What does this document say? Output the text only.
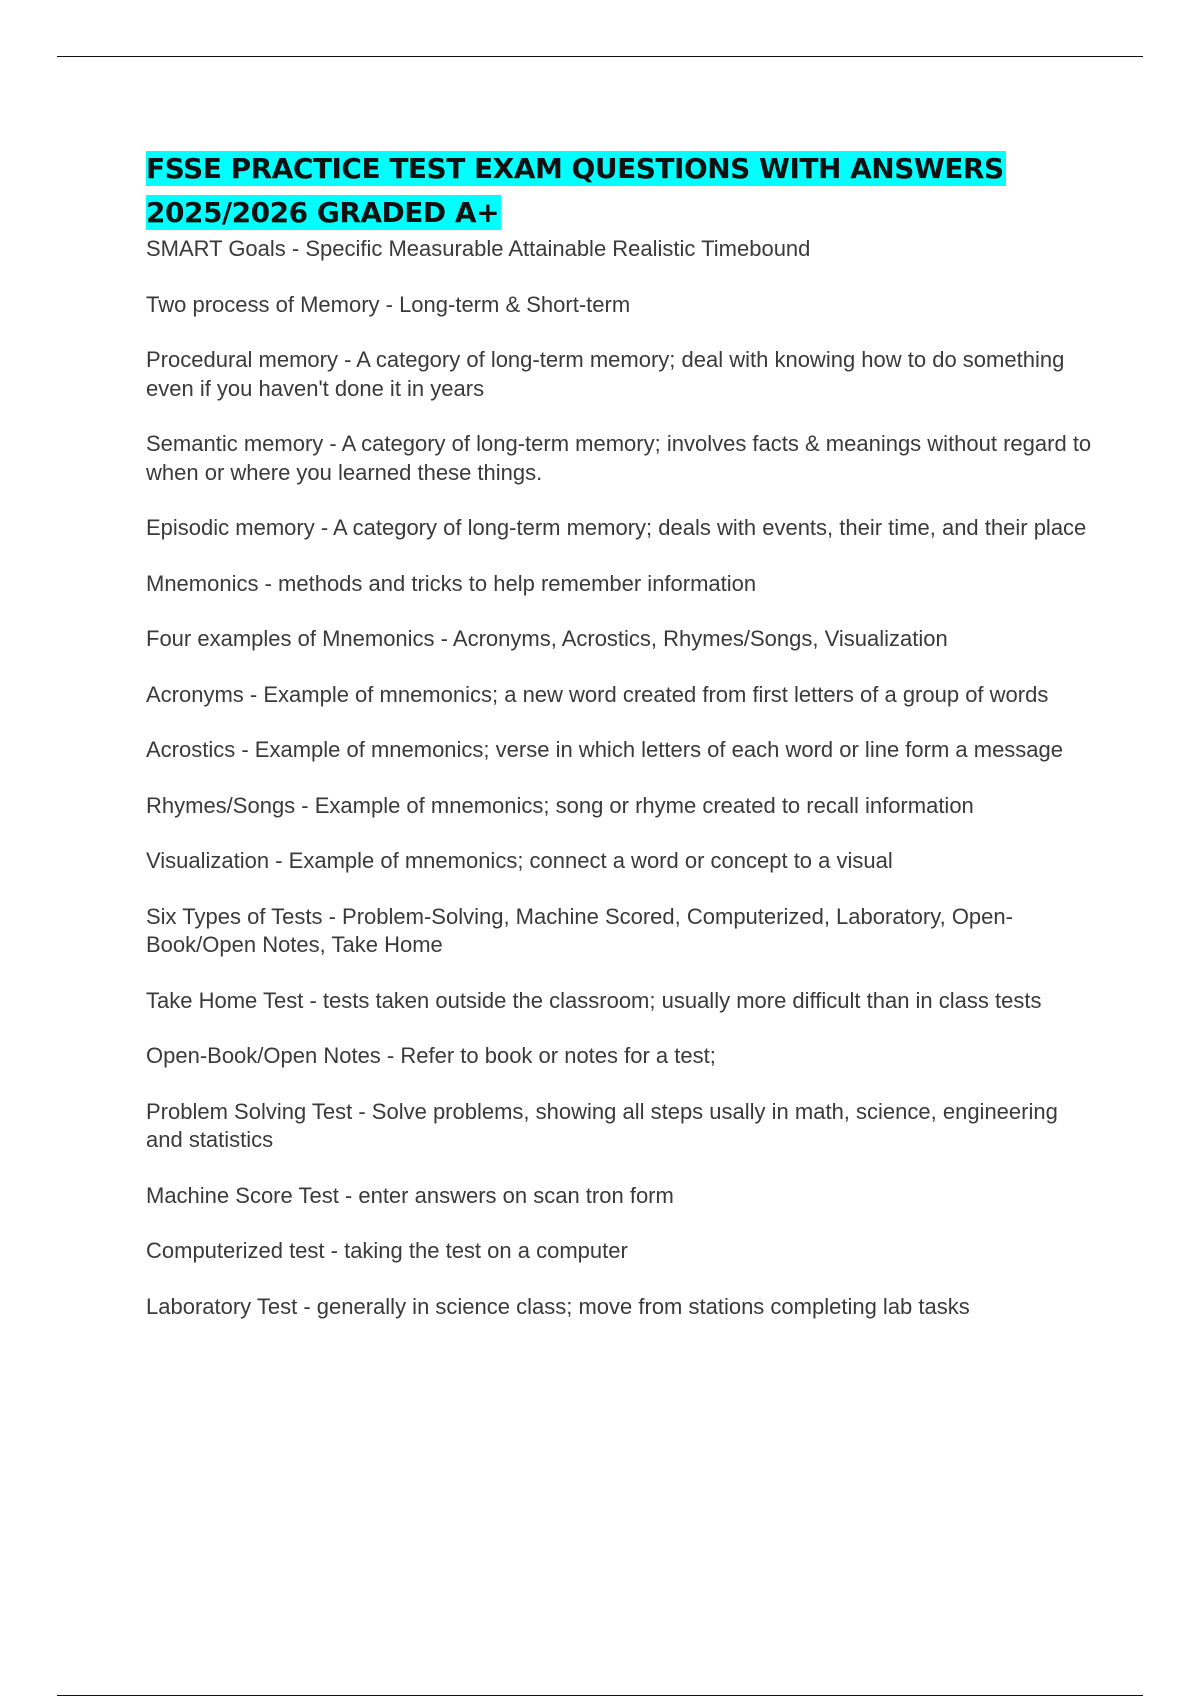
FSSE PRACTICE TEST EXAM QUESTIONS WITH ANSWERS
2025/2026 GRADED A+
SMART Goals - Specific Measurable Attainable Realistic Timebound
Two process of Memory - Long-term & Short-term
Procedural memory - A category of long-term memory; deal with knowing how to do something even if you haven't done it in years
Semantic memory - A category of long-term memory; involves facts & meanings without regard to when or where you learned these things.
Episodic memory - A category of long-term memory; deals with events, their time, and their place
Mnemonics - methods and tricks to help remember information
Four examples of Mnemonics - Acronyms, Acrostics, Rhymes/Songs, Visualization
Acronyms - Example of mnemonics; a new word created from first letters of a group of words
Acrostics - Example of mnemonics; verse in which letters of each word or line form a message
Rhymes/Songs - Example of mnemonics; song or rhyme created to recall information
Visualization - Example of mnemonics; connect a word or concept to a visual
Six Types of Tests - Problem-Solving, Machine Scored, Computerized, Laboratory, Open-Book/Open Notes, Take Home
Take Home Test - tests taken outside the classroom; usually more difficult than in class tests
Open-Book/Open Notes - Refer to book or notes for a test;
Problem Solving Test - Solve problems, showing all steps usally in math, science, engineering and statistics
Machine Score Test - enter answers on scan tron form
Computerized test - taking the test on a computer
Laboratory Test - generally in science class; move from stations completing lab tasks
